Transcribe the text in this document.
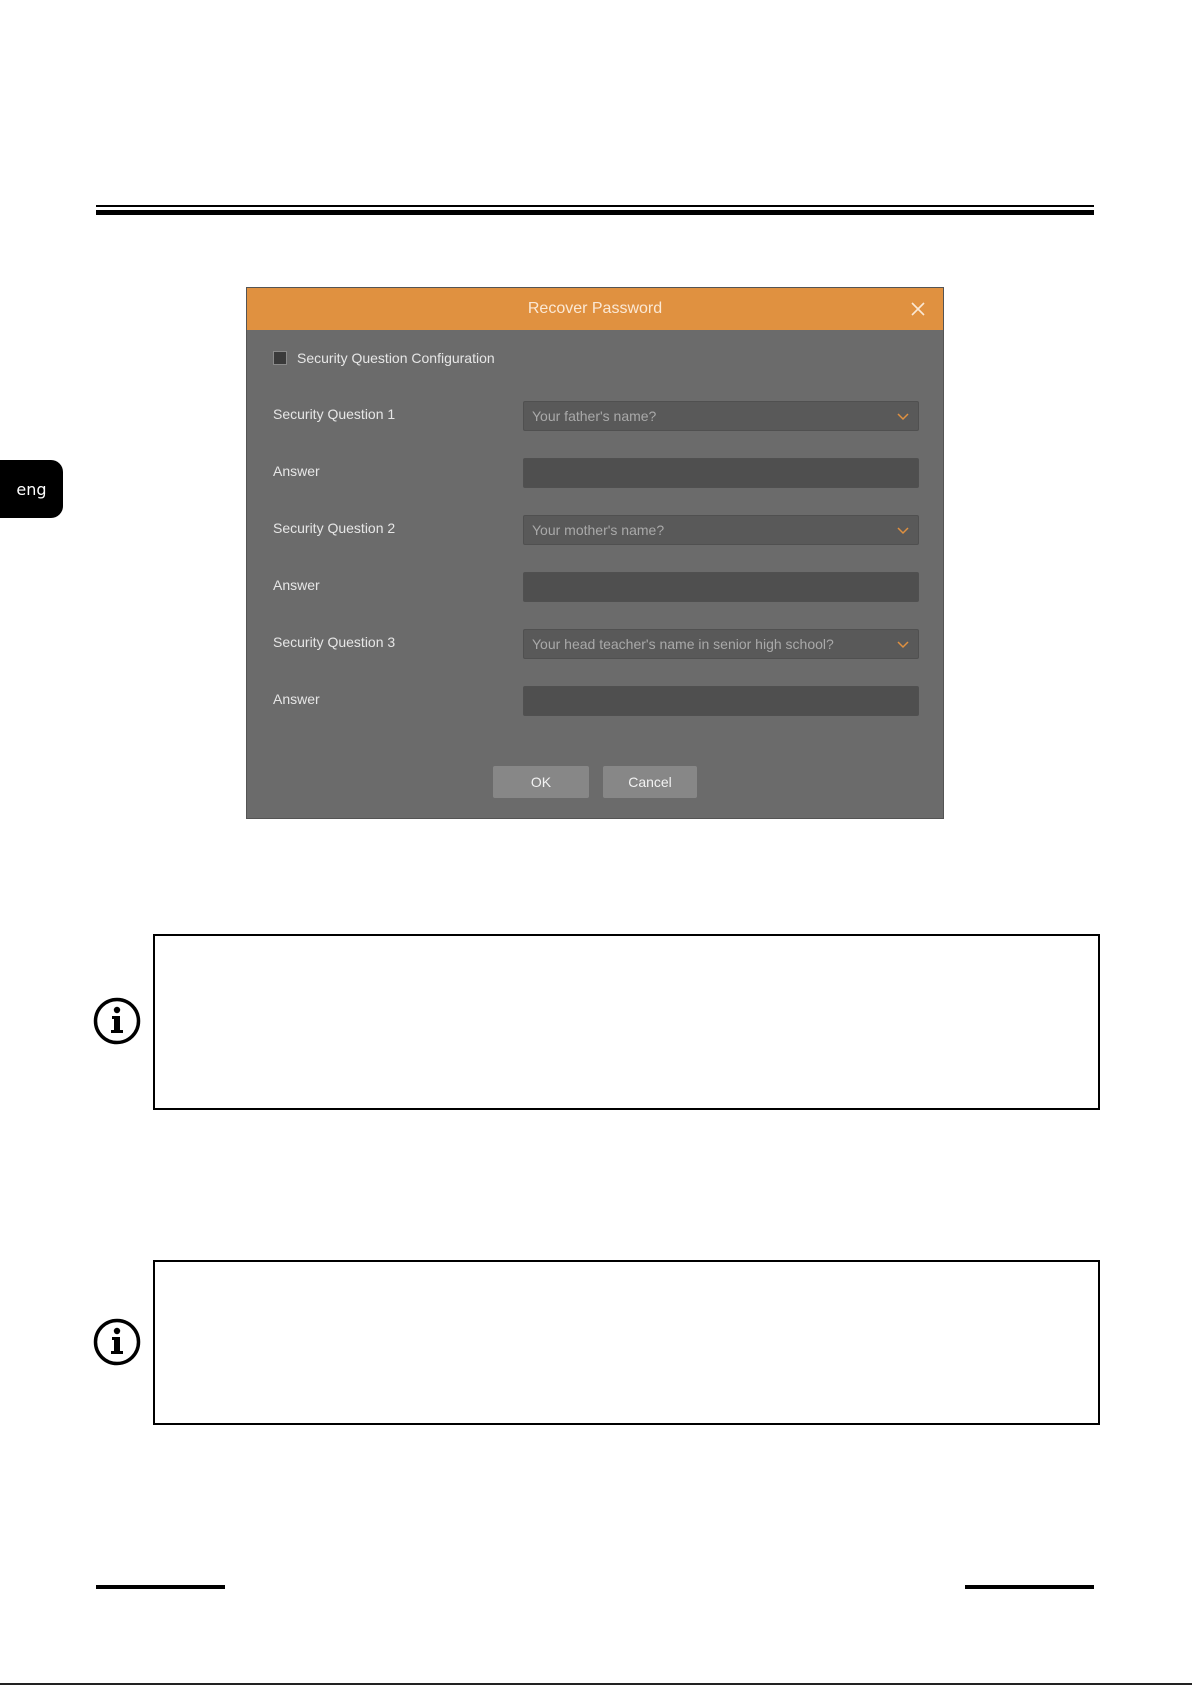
eng
Recover Password
Security Question Configuration
Security Question 1	Your father's name?
Answer
Security Question 2	Your mother's name?
Answer
Security Question 3	Your head teacher's name in senior high school?
Answer
OK	Cancel
